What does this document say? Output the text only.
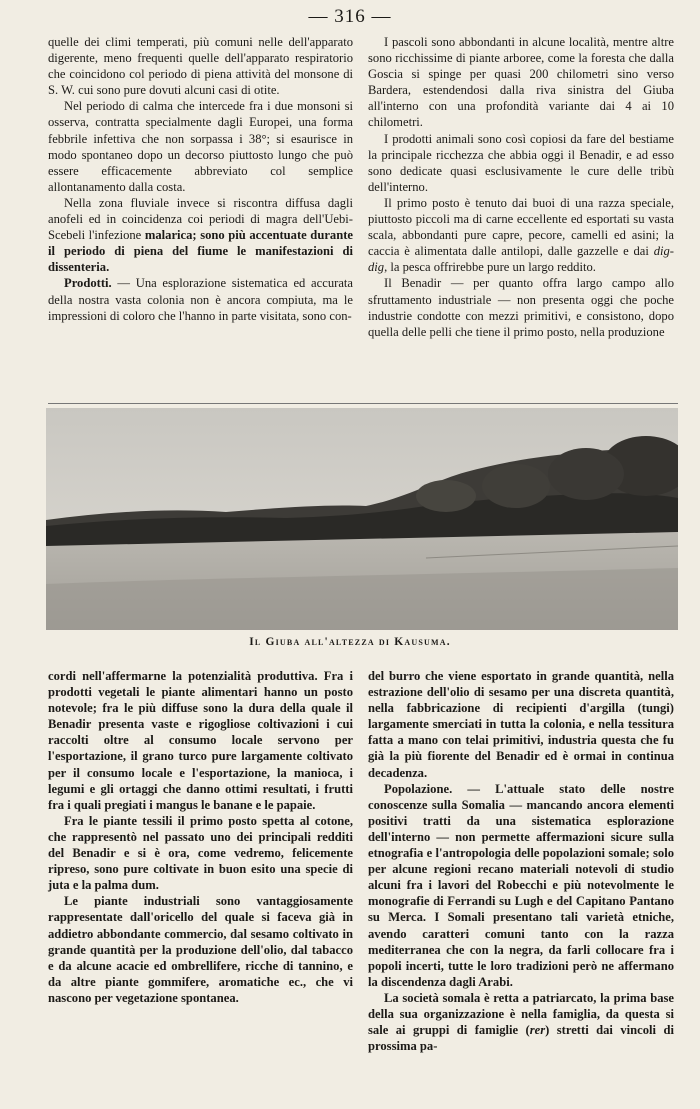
— 316 —

quelle dei climi temperati, più comuni nelle dell'apparato digerente, meno frequenti quelle dell'apparato respiratorio che coincidono col periodo di piena attività del monsone di S. W. cui sono pure dovuti alcuni casi di otite.

Nel periodo di calma che intercede fra i due monsoni si osserva, contratta specialmente dagli Europei, una forma febbrile infettiva che non sorpassa i 38°; si esaurisce in modo spontaneo dopo un decorso piuttosto lungo che può essere efficacemente abbreviato col semplice allontanamento dalla costa.

Nella zona fluviale invece si riscontra diffusa dagli anofeli ed in coincidenza coi periodi di magra dell'Uebi-Scebeli l'infezione malarica; sono più accentuate durante il periodo di piena del fiume le manifestazioni di dissenteria.

Prodotti. — Una esplorazione sistematica ed accurata della nostra vasta colonia non è ancora compiuta, ma le impressioni di coloro che l'hanno in parte visitata, sono con-

I pascoli sono abbondanti in alcune località, mentre altre sono ricchissime di piante arboree, come la foresta che dalla Goscia si spinge per quasi 200 chilometri sino verso Bardera, estendendosi dalla riva sinistra del Giuba all'interno con una profondità variante dai 4 ai 10 chilometri.

I prodotti animali sono così copiosi da fare del bestiame la principale ricchezza che abbia oggi il Benadir, e ad esso sono dedicate quasi esclusivamente le cure delle tribù dell'interno.

Il primo posto è tenuto dai buoi di una razza speciale, piuttosto piccoli ma di carne eccellente ed esportati su vasta scala, abbondanti pure capre, pecore, camelli ed asini; la caccia è alimentata dalle antilopi, dalle gazzelle e dai dig-dig, la pesca offrirebbe pure un largo reddito.

Il Benadir — per quanto offra largo campo allo sfruttamento industriale — non presenta oggi che poche industrie condotte con mezzi primitivi, e consistono, dopo quella delle pelli che tiene il primo posto, nella produzione

Il Giuba all'altezza di Kausuma.

cordi nell'affermarne la potenzialità produttiva. Fra i prodotti vegetali le piante alimentari hanno un posto notevole; fra le più diffuse sono la dura della quale il Benadir presenta vaste e rigogliose coltivazioni i cui raccolti oltre al consumo locale servono per l'esportazione, il grano turco pure largamente coltivato per il consumo locale e l'esportazione, la manioca, i legumi e gli ortaggi che danno ottimi resultati, i frutti fra i quali pregiati i mangus le banane e le papaie.

Fra le piante tessili il primo posto spetta al cotone, che rappresentò nel passato uno dei principali redditi del Benadir e si è ora, come vedremo, felicemente ripreso, sono pure coltivate in buon esito una specie di juta e la palma dum.

Le piante industriali sono vantaggiosamente rappresentate dall'oricello del quale si faceva già in addietro abbondante commercio, dal sesamo coltivato in grande quantità per la produzione dell'olio, dal tabacco e da alcune acacie ed ombrellifere, ricche di tannino, e da altre piante gommifere, aromatiche ec., che vi nascono per vegetazione spontanea.

del burro che viene esportato in grande quantità, nella estrazione dell'olio di sesamo per una discreta quantità, nella fabbricazione di recipienti d'argilla (tungi) largamente smerciati in tutta la colonia, e nella tessitura fatta a mano con telai primitivi, industria questa che fu già la più fiorente del Benadir ed è ormai in continua decadenza.

Popolazione. — L'attuale stato delle nostre conoscenze sulla Somalia — mancando ancora elementi positivi tratti da una sistematica esplorazione dell'interno — non permette affermazioni sicure sulla etnografia e l'antropologia delle popolazioni somale; solo per alcune regioni recano materiali notevoli di studio alcuni fra i lavori del Robecchi e più notevolmente le monografie di Ferrandi su Lugh e del Capitano Pantano su Merca. I Somali presentano tali varietà etniche, avendo caratteri comuni tanto con la razza mediterranea che con la negra, da farli collocare fra i popoli incerti, tutte le loro tradizioni però ne affermano la discendenza dagli Arabi.

La società somala è retta a patriarcato, la prima base della sua organizzazione è nella famiglia, da questa si sale ai gruppi di famiglie (rer) stretti dai vincoli di prossima pa-
